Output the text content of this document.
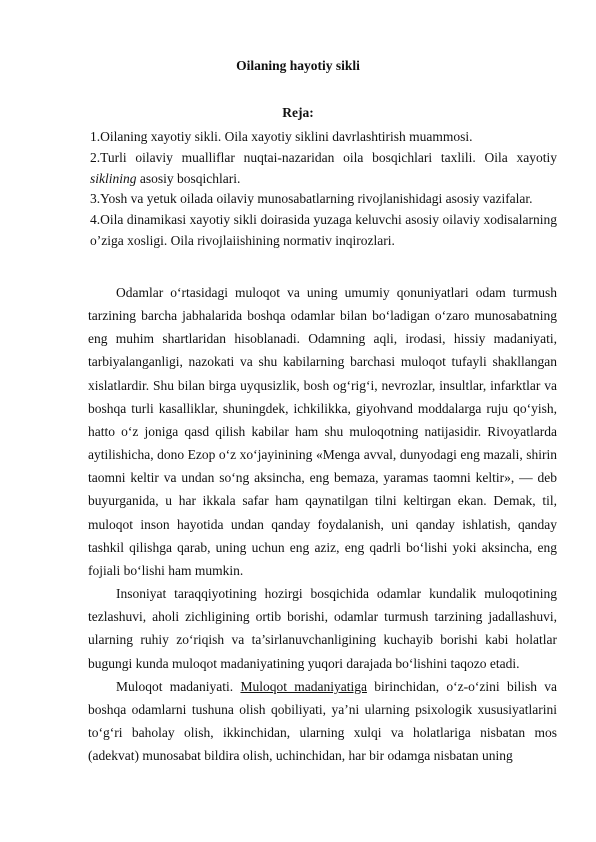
Oilaning hayotiy sikli
Reja:

1.Oilaning xayotiy sikli. Oila xayotiy siklini davrlashtirish muammosi.

2.Turli oilaviy mualliflar nuqtai-nazaridan oila bosqichlari taxlili. Oila xayotiy siklining asosiy bosqichlari.

3.Yosh va yetuk oilada oilaviy munosabatlarning rivojlanishidagi asosiy vazifalar.

4.Oila dinamikasi xayotiy sikli doirasida yuzaga keluvchi asosiy oilaviy xodisalarning o’ziga xosligi. Oila rivojlaiishining normativ inqirozlari.

Odamlar o‘rtasidagi muloqot va uning umumiy qonuniyatlari odam turmush tarzining barcha jabhalarida boshqa odamlar bilan bo‘ladigan o‘zaro munosabatning eng muhim shartlaridan hisoblanadi. Odamning aqli, irodasi, hissiy madaniyati, tarbiyalanganligi, nazokati va shu kabilarning barchasi muloqot tufayli shakllangan xislatlardir. Shu bilan birga uyqusizlik, bosh og‘rig‘i, nevrozlar, insultlar, infarktlar va boshqa turli kasalliklar, shuningdek, ichkilikka, giyohvand moddalarga ruju qo‘yish, hatto o‘z joniga qasd qilish kabilar ham shu muloqotning natijasidir. Rivoyatlarda aytilishicha, dono Ezop o‘z xo‘jayinining «Menga avval, dunyodagi eng mazali, shirin taomni keltir va undan so‘ng aksincha, eng bemaza, yaramas taomni keltir», — deb buyurganida, u har ikkala safar ham qaynatilgan tilni keltirgan ekan. Demak, til, muloqot inson hayotida undan qanday foydalanish, uni qanday ishlatish, qanday tashkil qilishga qarab, uning uchun eng aziz, eng qadrli bo‘lishi yoki aksincha, eng fojiali bo‘lishi ham mumkin.

Insoniyat taraqqiyotining hozirgi bosqichida odamlar kundalik muloqotining tezlashuvi, aholi zichligining ortib borishi, odamlar turmush tarzining jadallashuvi, ularning ruhiy zo‘riqish va ta’sirlanuvchanligining kuchayib borishi kabi holatlar bugungi kunda muloqot madaniyatining yuqori darajada bo‘lishini taqozo etadi.

Muloqot madaniyati. Muloqot madaniyatiga birinchidan, o‘z-o‘zini bilish va boshqa odamlarni tushuna olish qobiliyati, ya’ni ularning psixologik xususiyatlarini to‘g‘ri baholay olish, ikkinchidan, ularning xulqi va holatlariga nisbatan mos (adekvat) munosabat bildira olish, uchinchidan, har bir odamga nisbatan uning
